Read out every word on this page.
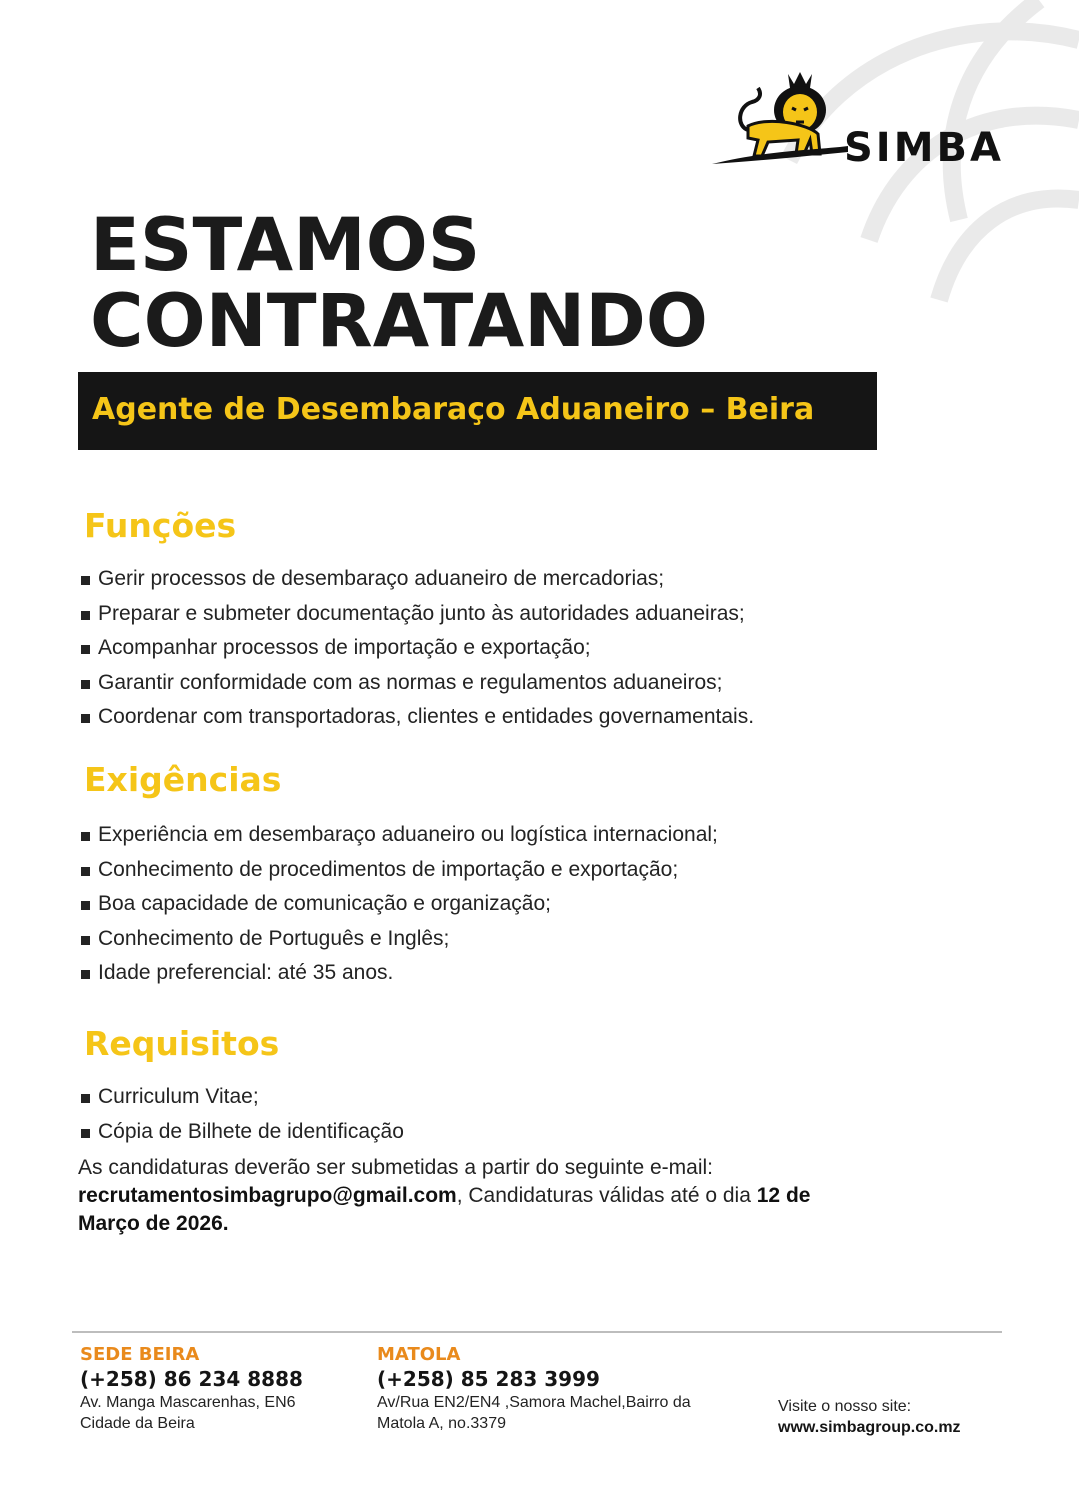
SIMBA
ESTAMOS
CONTRATANDO
Agente de Desembaraço Aduaneiro – Beira
Funções
Gerir processos de desembaraço aduaneiro de mercadorias;
Preparar e submeter documentação junto às autoridades aduaneiras;
Acompanhar processos de importação e exportação;
Garantir conformidade com as normas e regulamentos aduaneiros;
Coordenar com transportadoras, clientes e entidades governamentais.
Exigências
Experiência em desembaraço aduaneiro ou logística internacional;
Conhecimento de procedimentos de importação e exportação;
Boa capacidade de comunicação e organização;
Conhecimento de Português e Inglês;
Idade preferencial: até 35 anos.
Requisitos
Curriculum Vitae;
Cópia de Bilhete de identificação
As candidaturas deverão ser submetidas a partir do seguinte e-mail:
recrutamentosimbagrupo@gmail.com, Candidaturas válidas até o dia 12 de
Março de 2026.
SEDE BEIRA
(+258) 86 234 8888
Av. Manga Mascarenhas, EN6
Cidade da Beira
MATOLA
(+258) 85 283 3999
Av/Rua EN2/EN4 ,Samora Machel,Bairro da
Matola A, no.3379
Visite o nosso site:
www.simbagroup.co.mz
